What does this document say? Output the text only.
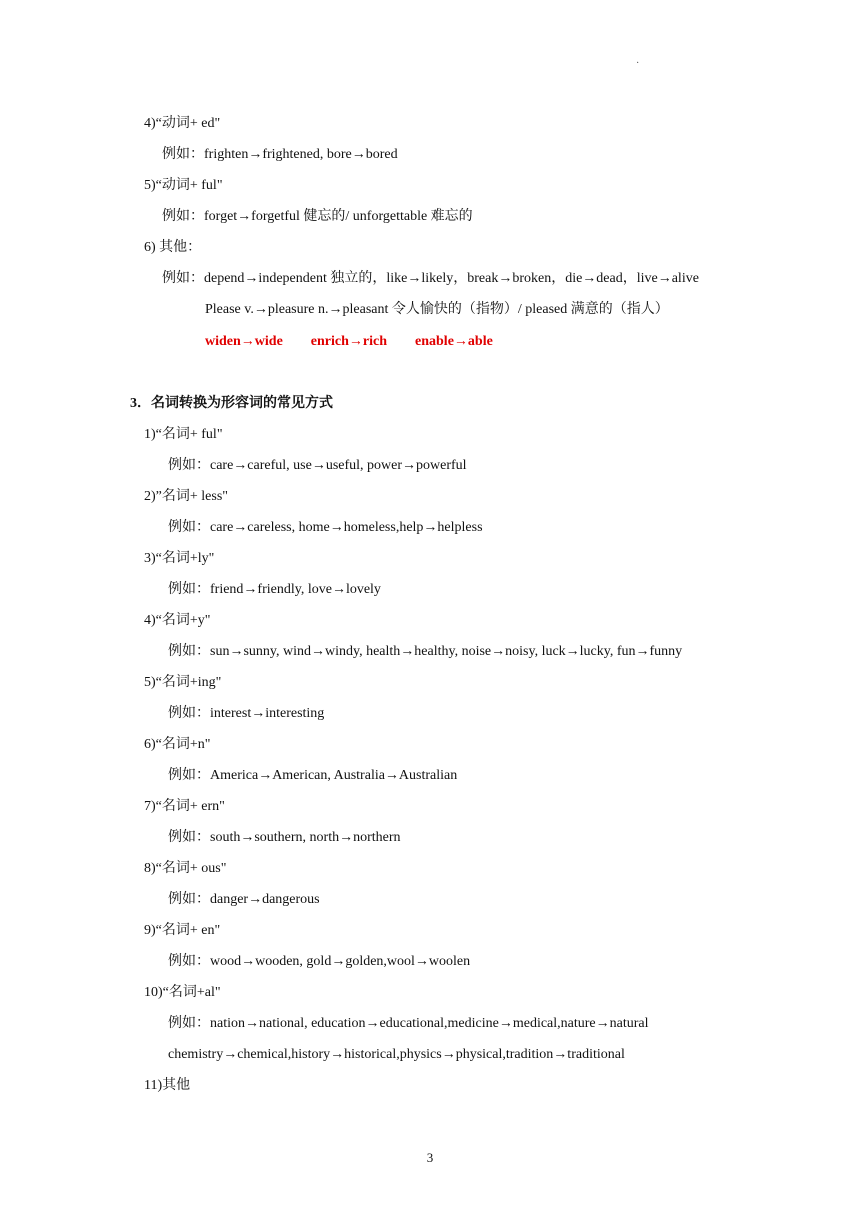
·
4)“动词+ ed"
例如：frighten→frightened, bore→bored
5)“动词+ ful"
例如：forget→forgetful 健忘的/ unforgettable 难忘的
6) 其他：
例如：depend→independent 独立的，like→likely，break→broken，die→dead，live→alive
Please v.→pleasure n.→pleasant 令人愉快的（指物）/ pleased 满意的（指人）
widen→wide enrich→rich enable→able
3．名词转换为形容词的常见方式
1)“名词+ ful"
例如：care→careful, use→useful, power→powerful
2)”名词+ less"
例如：care→careless, home→homeless,help→helpless
3)“名词+ly"
例如：friend→friendly, love→lovely
4)“名词+y"
例如：sun→sunny, wind→windy, health→healthy, noise→noisy, luck→lucky, fun→funny
5)“名词+ing"
例如：interest→interesting
6)“名词+n"
例如：America→American, Australia→Australian
7)“名词+ ern"
例如：south→southern, north→northern
8)“名词+ ous"
例如：danger→dangerous
9)“名词+ en"
例如：wood→wooden, gold→golden,wool→woolen
10)“名词+al"
例如：nation→national, education→educational,medicine→medical,nature→natural
chemistry→chemical,history→historical,physics→physical,tradition→traditional
11)其他
3
